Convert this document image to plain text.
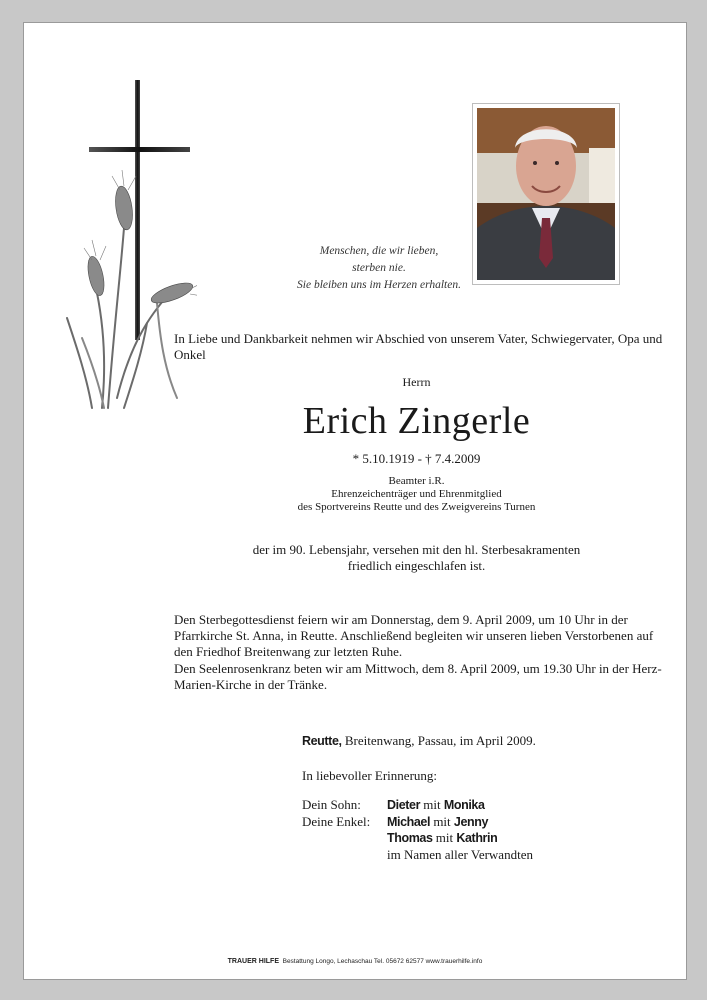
Menschen, die wir lieben,
sterben nie.
Sie bleiben uns im Herzen erhalten.
In Liebe und Dankbarkeit nehmen wir Abschied von unserem Vater, Schwiegervater, Opa und Onkel
Herrn
Erich Zingerle
* 5.10.1919 - † 7.4.2009
Beamter i.R.
Ehrenzeichenträger und Ehrenmitglied
des Sportvereins Reutte und des Zweigvereins Turnen
der im 90. Lebensjahr, versehen mit den hl. Sterbesakramenten
friedlich eingeschlafen ist.
Den Sterbegottesdienst feiern wir am Donnerstag, dem 9. April 2009, um 10 Uhr in der Pfarrkirche St. Anna, in Reutte. Anschließend begleiten wir unseren lieben Verstorbenen auf den Friedhof Breitenwang zur letzten Ruhe.
Den Seelenrosenkranz beten wir am Mittwoch, dem 8. April 2009, um 19.30 Uhr in der Herz-Marien-Kirche in der Tränke.
Reutte, Breitenwang, Passau, im April 2009.
In liebevoller Erinnerung:
Dein Sohn: Dieter mit Monika
Deine Enkel: Michael mit Jenny
Thomas mit Kathrin
im Namen aller Verwandten
TRAUER HILFE  Bestattung Longo, Lechaschau Tel. 05672 62577 www.trauerhilfe.info
